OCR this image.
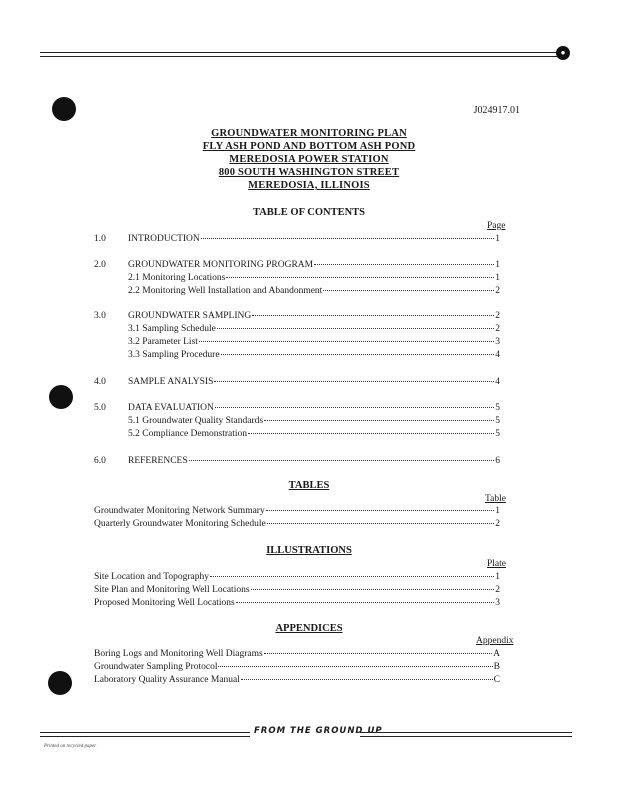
●
J024917.01
GROUNDWATER MONITORING PLAN
FLY ASH POND AND BOTTOM ASH POND
MEREDOSIA POWER STATION
800 SOUTH WASHINGTON STREET
MEREDOSIA, ILLINOIS
TABLE OF CONTENTS
Page
1.0	INTRODUCTION	1
2.0	GROUNDWATER MONITORING PROGRAM	1
2.1 Monitoring Locations	1
2.2 Monitoring Well Installation and Abandonment	2
3.0	GROUNDWATER SAMPLING	2
3.1 Sampling Schedule	2
3.2 Parameter List	3
3.3 Sampling Procedure	4
4.0	SAMPLE ANALYSIS	4
5.0	DATA EVALUATION	5
5.1 Groundwater Quality Standards	5
5.2 Compliance Demonstration	5
6.0	REFERENCES	6
TABLES
Table
Groundwater Monitoring Network Summary	1
Quarterly Groundwater Monitoring Schedule	2
ILLUSTRATIONS
Plate
Site Location and Topography	1
Site Plan and Monitoring Well Locations	2
Proposed Monitoring Well Locations	3
APPENDICES
Appendix
Boring Logs and Monitoring Well Diagrams	A
Groundwater Sampling Protocol	B
Laboratory Quality Assurance Manual	C
FROM THE GROUND UP
Printed on recycled paper
